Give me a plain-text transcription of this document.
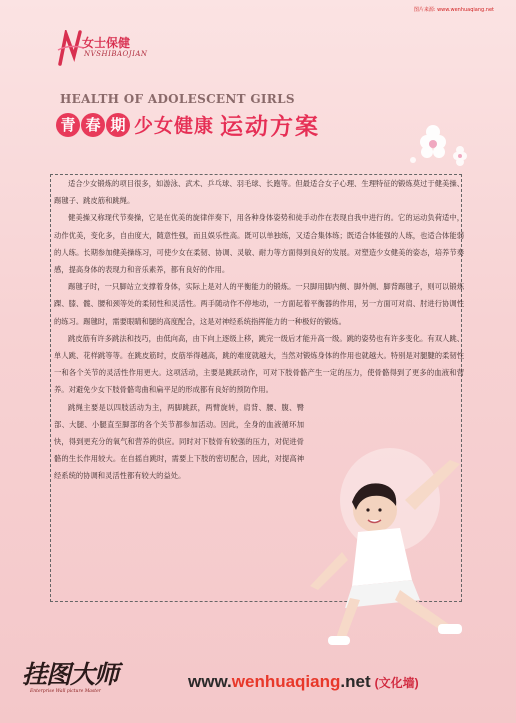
图片来源: www.wenhuaqiang.net
女士保健
NVSHIBAOJIAN
HEALTH OF ADOLESCENT GIRLS
青 春 期 少女健康 运动方案

适合少女锻炼的项目很多，如游泳、武术、乒乓球、羽毛球、长跑等。但最适合女子心理、生理特征的锻炼莫过于健美操、踢毽子、跳皮筋和跳绳。

健美操又称现代节奏操，它是在优美的旋律伴奏下，用各种身体姿势和徒手动作在表现自我中进行的。它的运动负荷适中，动作优美，变化多，自由度大，随意性强，而且娱乐性高。既可以单独练，又适合集体练；既适合体能强的人练，也适合体能弱的人练。长期参加健美操练习，可使少女在柔韧、协调、灵敏、耐力等方面得到良好的发展。对塑造少女健美的姿态，培养节奏感，提高身体的表现力和音乐素养，都有良好的作用。

踢毽子时，一只脚站立支撑着身体，实际上是对人的平衡能力的锻炼。一只脚用脚内侧、脚外侧、脚背踢毽子，则可以锻炼踝、膝、髋、腰和颈等处的柔韧性和灵活性。两手随动作不停地动，一方面起着平衡器的作用，另一方面可对肩、肘进行协调性的练习。踢毽时，需要眼睛和腿的高度配合，这是对神经系统指挥能力的一种极好的锻炼。

跳皮筋有许多跳法和技巧，由低向高，由下向上逐级上移，跳完一级后才能升高一级。跳的姿势也有许多变化。有双人跳、单人跳、花样跳等等。在跳皮筋时，皮筋举得越高，跳的难度就越大，当然对锻炼身体的作用也就越大。特别是对腿腱的柔韧性一和各个关节的灵活性作用更大。这项活动，主要是跳跃动作，可对下肢骨骼产生一定的压力，使骨骼得到了更多的血液和营养。对避免少女下肢骨骼弯曲和扁平足的形成都有良好的预防作用。

跳绳主要是以四肢活动为主，两脚跳跃，两臂旋转，肩背、腰、腹、臀部、大腿、小腿直至脚部的各个关节都参加活动。因此，全身的血液循环加快，得到更充分的氧气和营养的供应。同时对下肢骨有较强的压力，对促进骨骼的生长作用较大。在自摇自跳时，需要上下肢的密切配合，因此，对提高神经系统的协调和灵活性都有较大的益处。

挂图大师
Enterprise Wall picture Master
www.wenhuaqiang.net (文化墙)
